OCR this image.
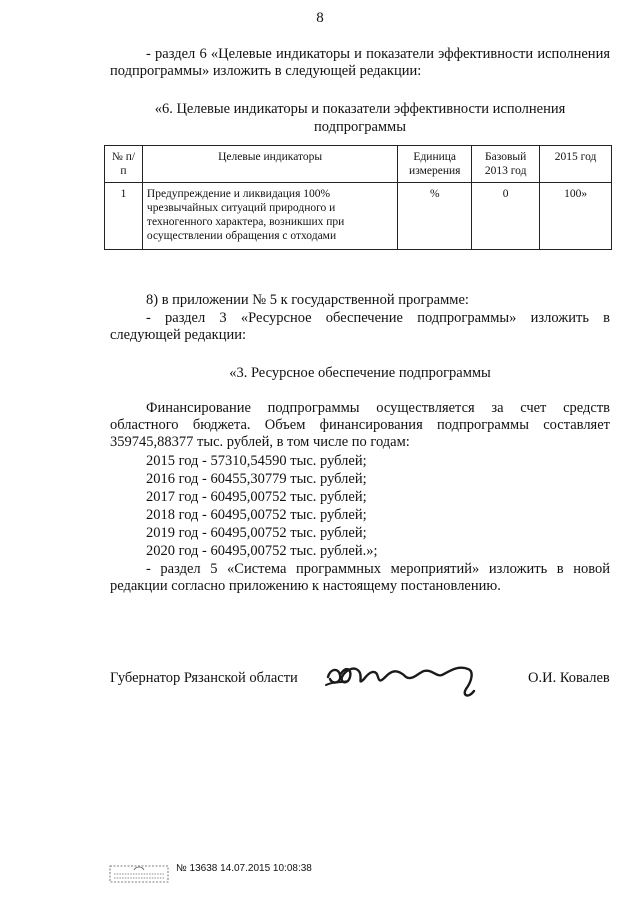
8
- раздел 6 «Целевые индикаторы и показатели эффективности исполнения подпрограммы» изложить в следующей редакции:
«6. Целевые индикаторы и показатели эффективности исполнения
подпрограммы
№ п/п	Целевые индикаторы	Единица измерения	Базовый 2013 год	2015 год
1	Предупреждение и ликвидация 100% чрезвычайных ситуаций природного и техногенного характера, возникших при осуществлении обращения с отходами	%	0	100»
8) в приложении № 5 к государственной программе:
- раздел 3 «Ресурсное обеспечение подпрограммы» изложить в следующей редакции:
«3. Ресурсное обеспечение подпрограммы
Финансирование подпрограммы осуществляется за счет средств областного бюджета. Объем финансирования подпрограммы составляет 359745,88377 тыс. рублей, в том числе по годам:
2015 год - 57310,54590 тыс. рублей;
2016 год - 60455,30779 тыс. рублей;
2017 год - 60495,00752 тыс. рублей;
2018 год - 60495,00752 тыс. рублей;
2019 год - 60495,00752 тыс. рублей;
2020 год - 60495,00752 тыс. рублей.»;
- раздел 5 «Система программных мероприятий» изложить в новой редакции согласно приложению к настоящему постановлению.
Губернатор Рязанской области	О.И. Ковалев
№ 13638 14.07.2015 10:08:38
